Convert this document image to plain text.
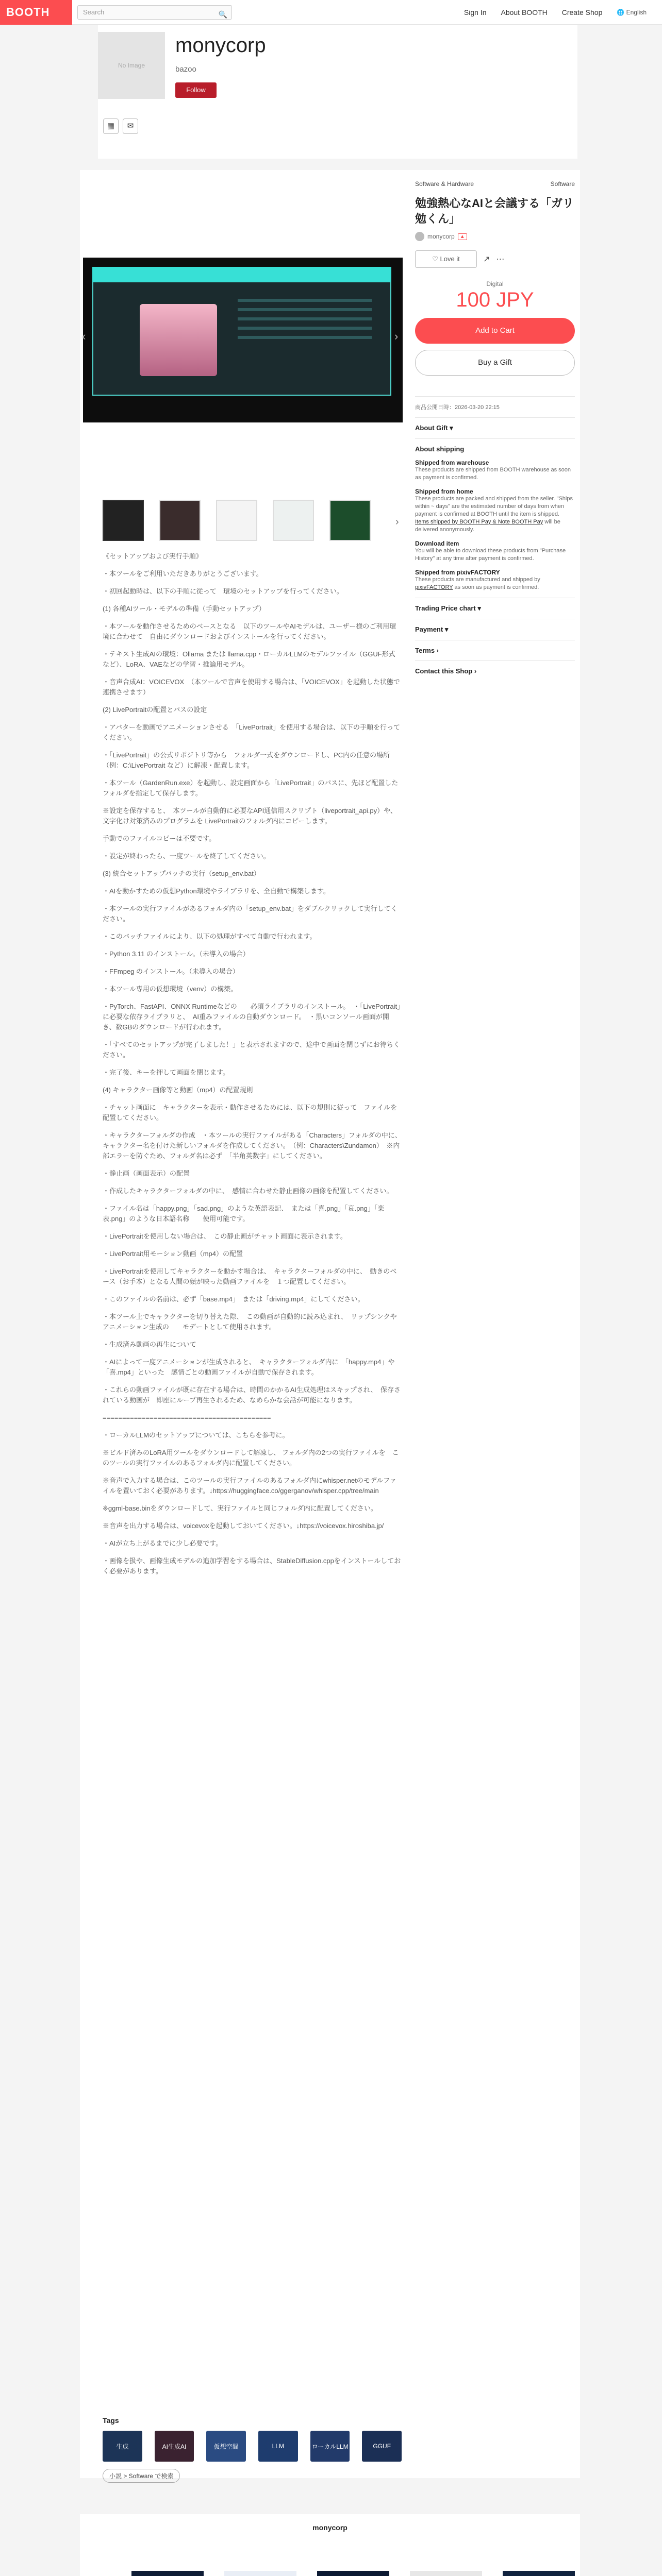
BOOTH	Search	🔍	Sign In About BOOTH Create Shop 🌐 English
No Image
monycorp
bazoo
Follow
▦	✉
‹	›
›

《セットアップおよび実行手順》

・本ツールをご利用いただきありがとうございます。

・初回起動時は、以下の手順に従って　環境のセットアップを行ってください。

(1) 各種AIツール・モデルの準備（手動セットアップ）

・本ツールを動作させるためのベースとなる　以下のツールやAIモデルは、ユーザー様のご利用環境に合わせて　自由にダウンロードおよびインストールを行ってください。

・テキスト生成AIの環境：Ollama または llama.cpp・ローカルLLMのモデルファイル（GGUF形式など）、LoRA、VAEなどの学習・推論用モデル。

・音声合成AI：VOICEVOX　（本ツールで音声を使用する場合は、「VOICEVOX」を起動した状態で連携させます）

(2) LivePortraitの配置とパスの設定

・アバターを動画でアニメーションさせる　「LivePortrait」を使用する場合は、以下の手順を行ってください。

・「LivePortrait」の公式リポジトリ等から　フォルダ一式をダウンロードし、PC内の任意の場所（例：C:\LivePortrait など）に解凍・配置します。

・本ツール（GardenRun.exe）を起動し、設定画面から「LivePortrait」のパスに、先ほど配置したフォルダを指定して保存します。

※設定を保存すると、　本ツールが自動的に必要なAPI通信用スクリプト（liveportrait_api.py）や、　文字化け対策済みのプログラムを LivePortraitのフォルダ内にコピーします。

手動でのファイルコピーは不要です。

・設定が終わったら、一度ツールを終了してください。

(3) 統合セットアップバッチの実行（setup_env.bat）

・AIを動かすための仮想Python環境やライブラリを、全自動で構築します。

・本ツールの実行ファイルがあるフォルダ内の「setup_env.bat」をダブルクリックして実行してください。

・このバッチファイルにより、以下の処理がすべて自動で行われます。

・Python 3.11 のインストール。（未導入の場合）

・FFmpeg のインストール。（未導入の場合）

・本ツール専用の仮想環境（venv）の構築。

・PyTorch、FastAPI、ONNX Runtimeなどの　　必須ライブラリのインストール。　・「LivePortrait」に必要な依存ライブラリと、　AI重みファイルの自動ダウンロード。　・黒いコンソール画面が開き、数GBのダウンロードが行われます。

・「すべてのセットアップが完了しました！」と表示されますので、途中で画面を閉じずにお待ちください。

・完了後、キーを押して画面を閉じます。

(4) キャラクター画像等と動画（mp4）の配置規則

・チャット画面に　キャラクターを表示・動作させるためには、以下の規則に従って　ファイルを配置してください。

・キャラクターフォルダの作成　・本ツールの実行ファイルがある「Characters」フォルダの中に、　キャラクター名を付けた新しいフォルダを作成してください。　（例：Characters\Zundamon）　※内部エラーを防ぐため、フォルダ名は必ず　「半角英数字」にしてください。

・静止画（画面表示）の配置

・作成したキャラクターフォルダの中に、　感情に合わせた静止画像の画像を配置してください。

・ファイル名は「happy.png」「sad.png」のような英語表記、　または「喜.png」「哀.png」「楽表.png」のような日本語名称　　使用可能です。

・LivePortraitを使用しない場合は、　この静止画がチャット画面に表示されます。

・LivePortrait用モーション動画（mp4）の配置

・LivePortraitを使用してキャラクターを動かす場合は、　キャラクターフォルダの中に、　動きのベース（お手本）となる人間の顔が映った動画ファイルを　１つ配置してください。

・このファイルの名前は、必ず「base.mp4」　または「driving.mp4」にしてください。

・本ツール上でキャラクターを切り替えた際、　この動画が自動的に読み込まれ、　リップシンクやアニメーション生成の　　モデートとして使用されます。

・生成済み動画の再生について

・AIによって一度アニメーションが生成されると、　キャラクターフォルダ内に　「happy.mp4」や「喜.mp4」といった　感情ごとの動画ファイルが自動で保存されます。

・これらの動画ファイルが既に存在する場合は、時間のかかるAI生成処理はスキップされ、　保存されている動画が　即座にループ再生されるため、なめらかな会話が可能になります。

===========================================

・ローカルLLMのセットアップについては、こちらを参考に。

※ビルド済みのLoRA用ツールをダウンロードして解凍し、 フォルダ内の2つの実行ファイルを　このツールの実行ファイルのあるフォルダ内に配置してください。

※音声で入力する場合は、このツールの実行ファイルのあるフォルダ内にwhisper.netのモデルファイルを置いておく必要があります。↓https://huggingface.co/ggerganov/whisper.cpp/tree/main

※ggml-base.binをダウンロードして、実行ファイルと同じフォルダ内に配置してください。

※音声を出力する場合は、voicevoxを起動しておいてください。↓https://voicevox.hiroshiba.jp/

・AIが立ち上がるまでに少し必要です。

・画像を扱や、画像生成モデルの追加学習をする場合は、StableDiffusion.cppをインストールしておく必要があります。

Tags
生成	AI生成AI	仮想空間	LLM	ローカルLLM	GGUF
小説 > Software で検索
Software & Hardware	Software
勉強熱心なAIと会議する「ガリ勉くん」
monycorp	▲
♡ Love it	↗ ⋯
Digital
100 JPY
Add to Cart
Buy a Gift
商品公開日時：2026-03-20 22:15
About Gift ▾
About shipping
Shipped from warehouse
These products are shipped from BOOTH warehouse as soon as payment is confirmed.
Shipped from home
These products are packed and shipped from the seller. "Ships within ~ days" are the estimated number of days from when payment is confirmed at BOOTH until the item is shipped.
Items shipped by BOOTH Pay & Note BOOTH Pay will be delivered anonymously.
Download item
You will be able to download these products from "Purchase History" at any time after payment is confirmed.
Shipped from pixivFACTORY
These products are manufactured and shipped by pixivFACTORY as soon as payment is confirmed.
Trading Price chart ▾
Payment ▾
Terms ›
Contact this Shop ›
monycorp
